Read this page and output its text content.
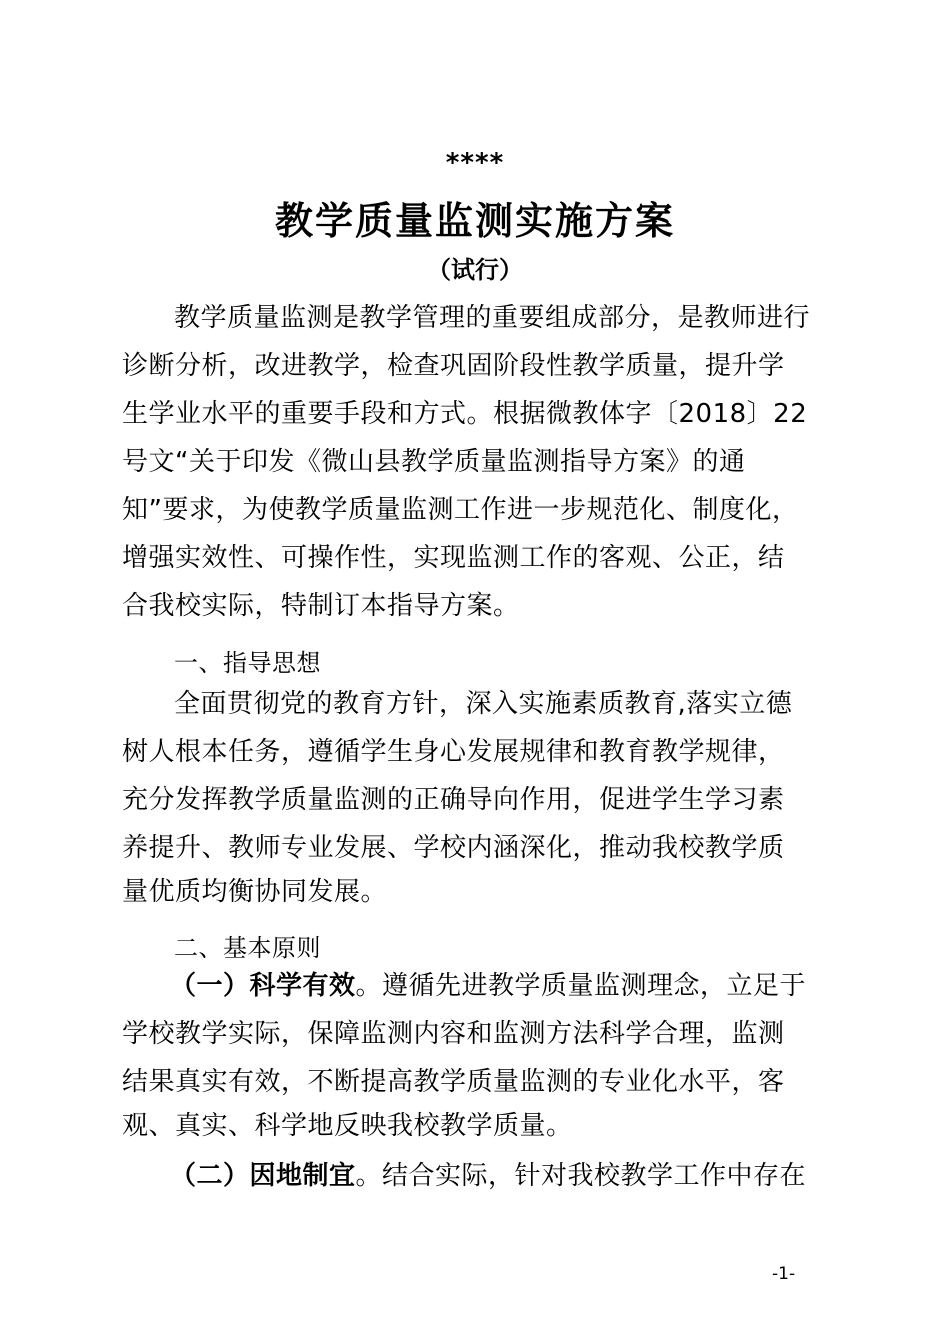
****
教学质量监测实施方案
（试行）
教学质量监测是教学管理的重要组成部分，是教师进行
诊断分析，改进教学，检查巩固阶段性教学质量，提升学
生学业水平的重要手段和方式。根据微教体字〔2018〕22
号文“关于印发《微山县教学质量监测指导方案》的通
知”要求，为使教学质量监测工作进一步规范化、制度化，
增强实效性、可操作性，实现监测工作的客观、公正，结
合我校实际，特制订本指导方案。
一、指导思想
全面贯彻党的教育方针，深入实施素质教育,落实立德
树人根本任务，遵循学生身心发展规律和教育教学规律，
充分发挥教学质量监测的正确导向作用，促进学生学习素
养提升、教师专业发展、学校内涵深化，推动我校教学质
量优质均衡协同发展。
二、基本原则
（一）科学有效。遵循先进教学质量监测理念，立足于
学校教学实际，保障监测内容和监测方法科学合理，监测
结果真实有效，不断提高教学质量监测的专业化水平，客
观、真实、科学地反映我校教学质量。
（二）因地制宜。结合实际，针对我校教学工作中存在
-1-
